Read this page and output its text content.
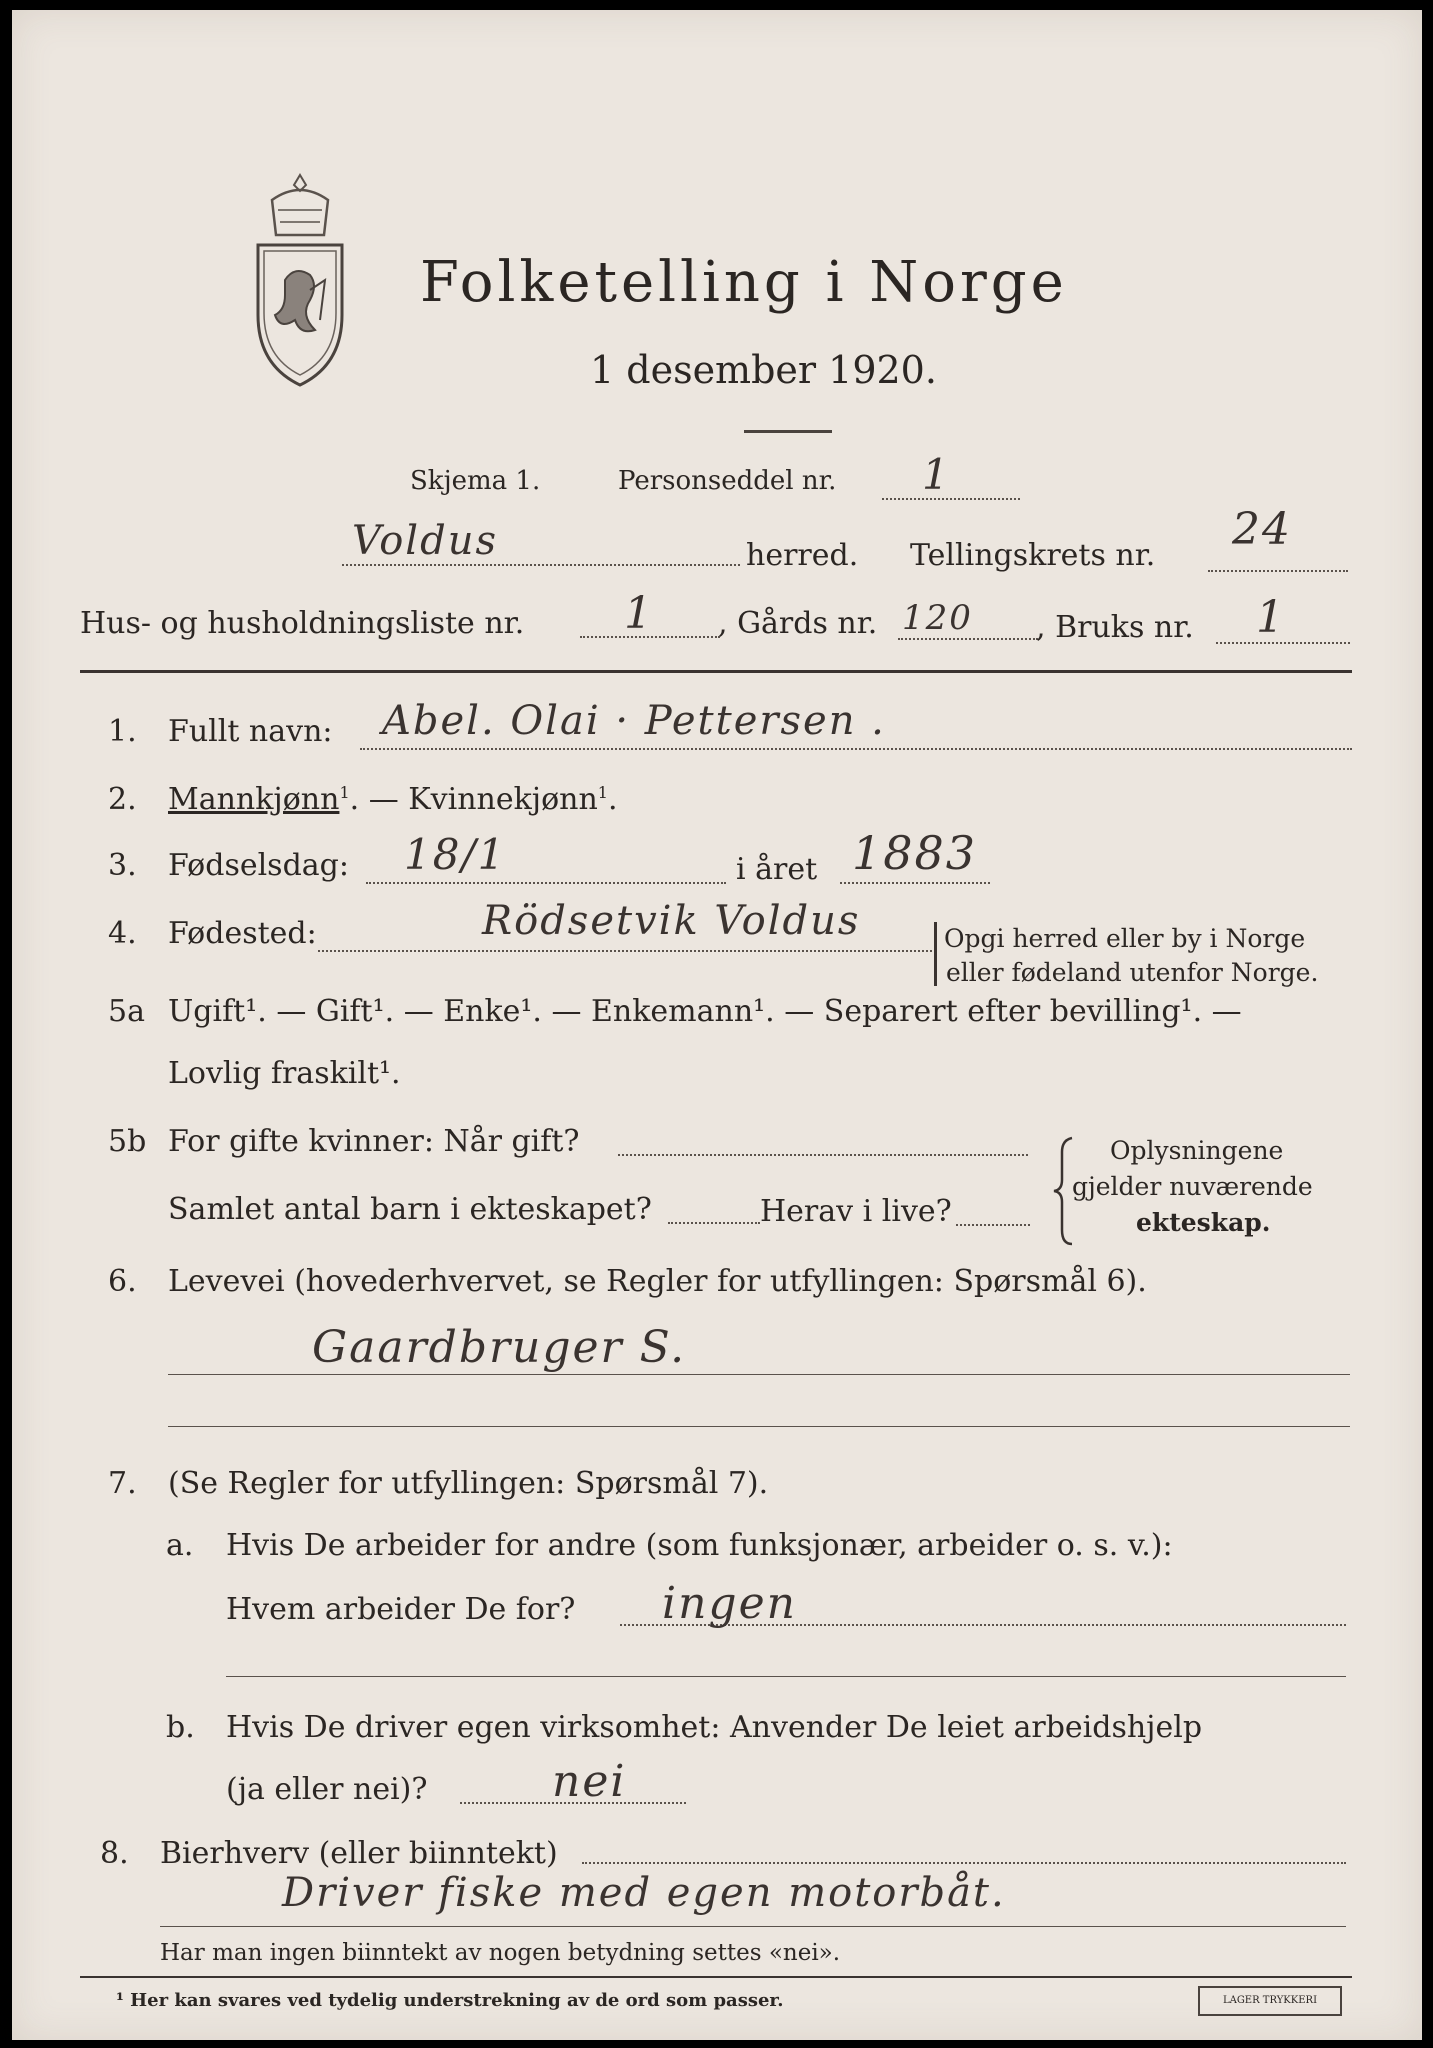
Folketelling i Norge
1 desember 1920.
Skjema 1.	Personseddel nr. 1
Voldus	herred. Tellingskrets nr.
24
Hus- og husholdningsliste nr. 1 , Gårds nr. 120 , Bruks nr. 1
1. Fullt navn: Abel. Olai · Pettersen .
2. Mannkjønn$^1$. — Kvinnekjønn$^1$.
3. Fødselsdag: 18/1	i året 1883
4. Fødested:	Rödsetvik Voldus	Opgi herred eller by i Norge
eller fødeland utenfor Norge.
5a Ugift¹. — Gift¹. — Enke¹. — Enkemann¹. — Separert efter bevilling¹. —
Lovlig fraskilt¹.
5b For gifte kvinner: Når gift?
Samlet antal barn i ekteskapet?	Herav i live?
Oplysningene
gjelder nuværende
ekteskap.
6. Levevei (hovederhvervet, se Regler for utfyllingen: Spørsmål 6).
Gaardbruger S.
7. (Se Regler for utfyllingen: Spørsmål 7).
a. Hvis De arbeider for andre (som funksjonær, arbeider o. s. v.):
Hvem arbeider De for? ingen
b. Hvis De driver egen virksomhet: Anvender De leiet arbeidshjelp
(ja eller nei)?	nei
8. Bierhverv (eller biinntekt)
Driver fiske med egen motorbåt.
Har man ingen biinntekt av nogen betydning settes «nei».
¹ Her kan svares ved tydelig understrekning av de ord som passer.	LAGER TRYKKERI
